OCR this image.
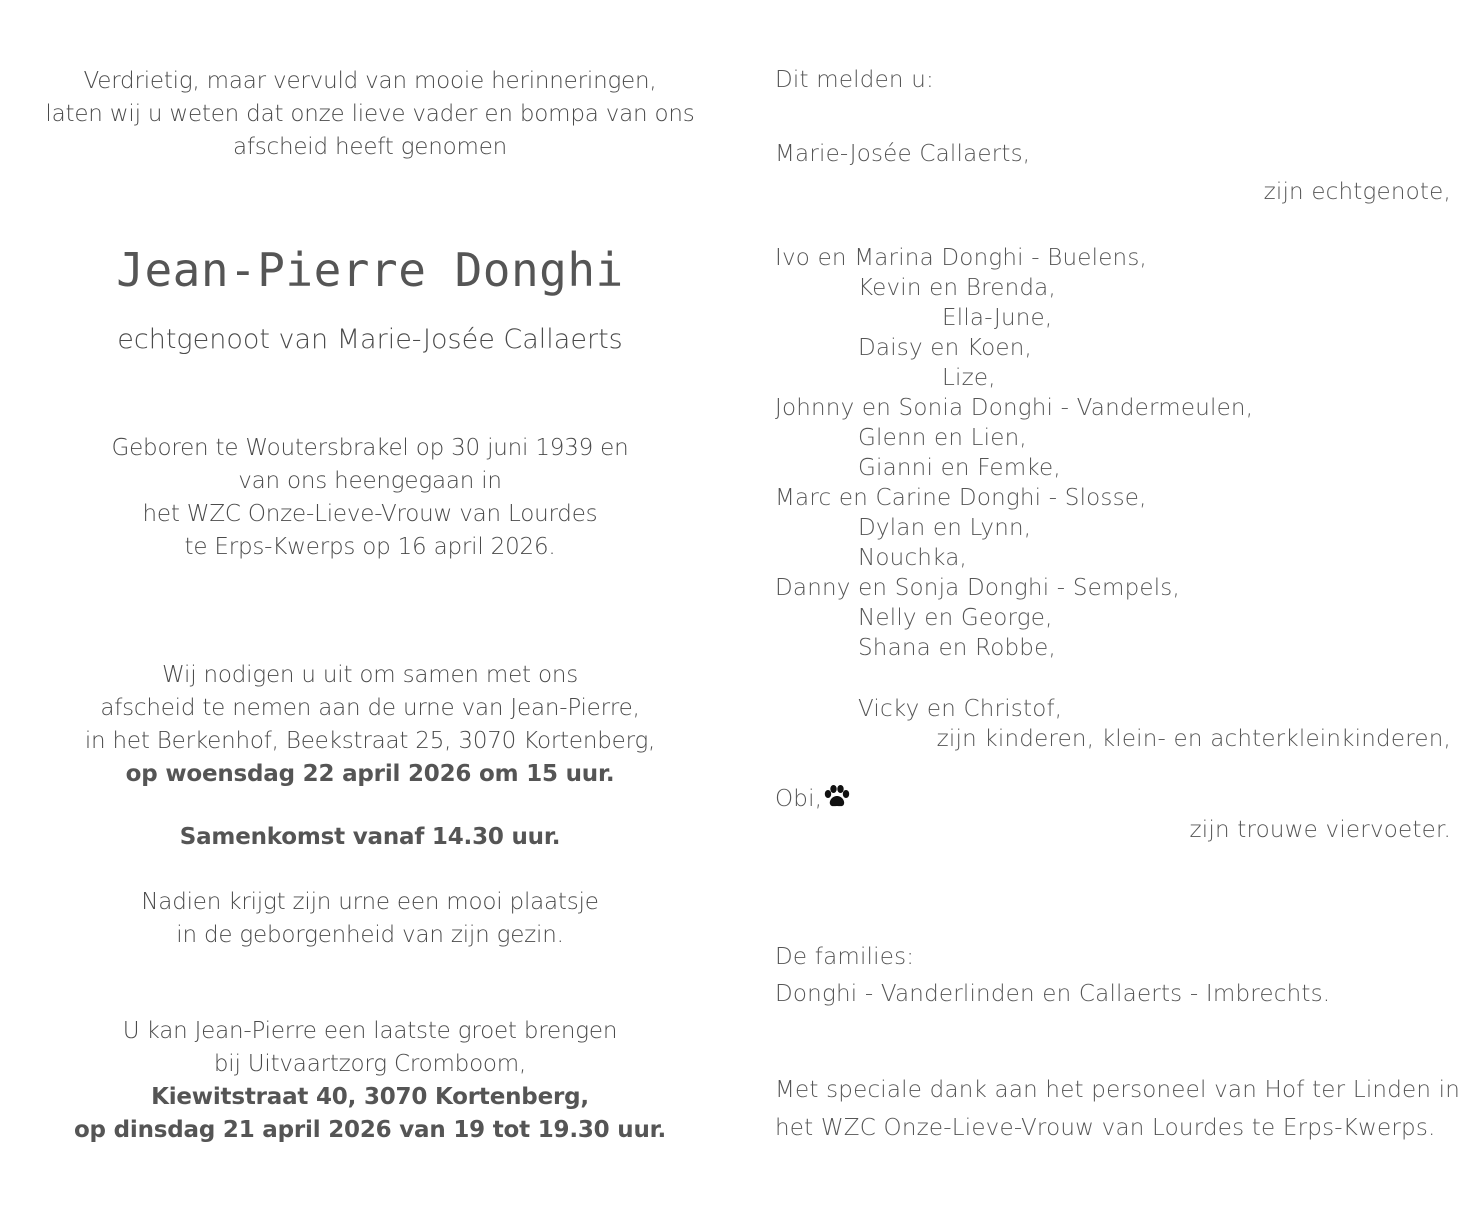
Verdrietig, maar vervuld van mooie herinneringen,
laten wij u weten dat onze lieve vader en bompa van ons
afscheid heeft genomen
Jean-Pierre Donghi
echtgenoot van Marie-Josée Callaerts
Geboren te Woutersbrakel op 30 juni 1939 en
van ons heengegaan in
het WZC Onze-Lieve-Vrouw van Lourdes
te Erps-Kwerps op 16 april 2026.
Wij nodigen u uit om samen met ons
afscheid te nemen aan de urne van Jean-Pierre,
in het Berkenhof, Beekstraat 25, 3070 Kortenberg,
op woensdag 22 april 2026 om 15 uur.
Samenkomst vanaf 14.30 uur.
Nadien krijgt zijn urne een mooi plaatsje
in de geborgenheid van zijn gezin.
U kan Jean-Pierre een laatste groet brengen
bij Uitvaartzorg Cromboom,
Kiewitstraat 40, 3070 Kortenberg,
op dinsdag 21 april 2026 van 19 tot 19.30 uur.
Dit melden u:
Marie-Josée Callaerts,
zijn echtgenote,
Ivo en Marina Donghi - Buelens,
Kevin en Brenda,
Ella-June,
Daisy en Koen,
Lize,
Johnny en Sonia Donghi - Vandermeulen,
Glenn en Lien,
Gianni en Femke,
Marc en Carine Donghi - Slosse,
Dylan en Lynn,
Nouchka,
Danny en Sonja Donghi - Sempels,
Nelly en George,
Shana en Robbe,
Vicky en Christof,
zijn kinderen, klein- en achterkleinkinderen,
Obi,
zijn trouwe viervoeter.
De families:
Donghi - Vanderlinden en Callaerts - Imbrechts.
Met speciale dank aan het personeel van Hof ter Linden in
het WZC Onze-Lieve-Vrouw van Lourdes te Erps-Kwerps.
